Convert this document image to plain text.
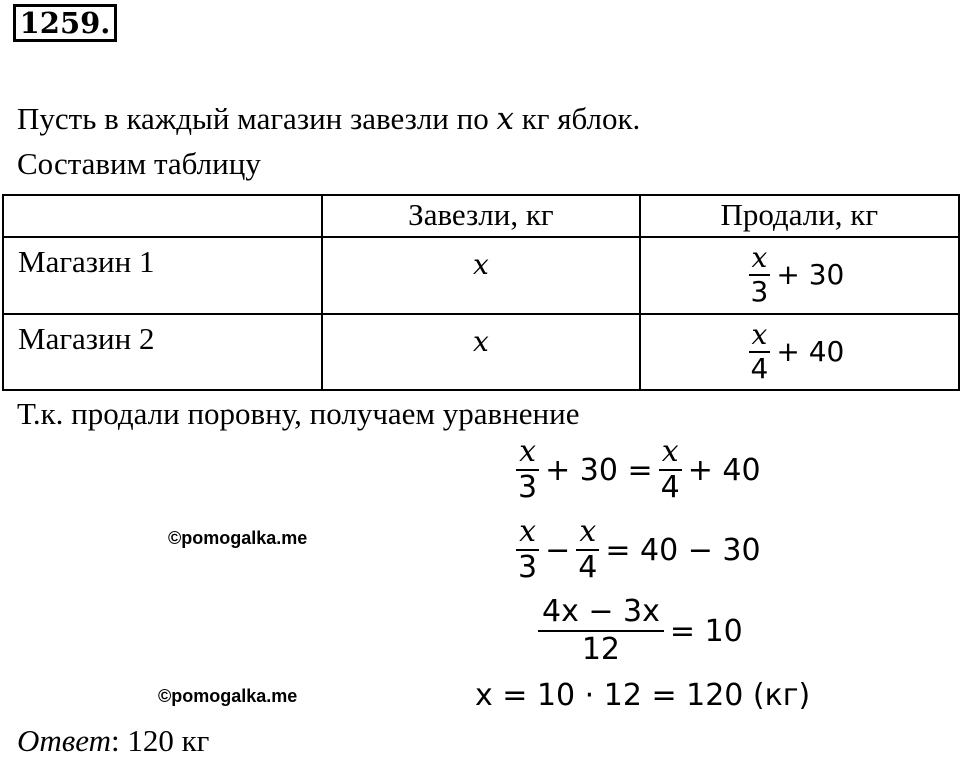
1259.
Пусть в каждый магазин завезли по x кг яблок.
Составим таблицу
	Завезли, кг	Продали, кг
Магазин 1	x	$\frac{x}{3} + 30$

Магазин 2	x	$\frac{x}{4} + 40$
Т.к. продали поровну, получаем уравнение
$\frac{x}{3} + 30 = \frac{x}{4} + 40$
$\frac{x}{3} - \frac{x}{4} = 40 - 30$
$\frac{4x - 3x}{12} = 10$
x = 10 · 12 = 120 (кг)
©pomogalka.me
©pomogalka.me
Ответ: 120 кг
